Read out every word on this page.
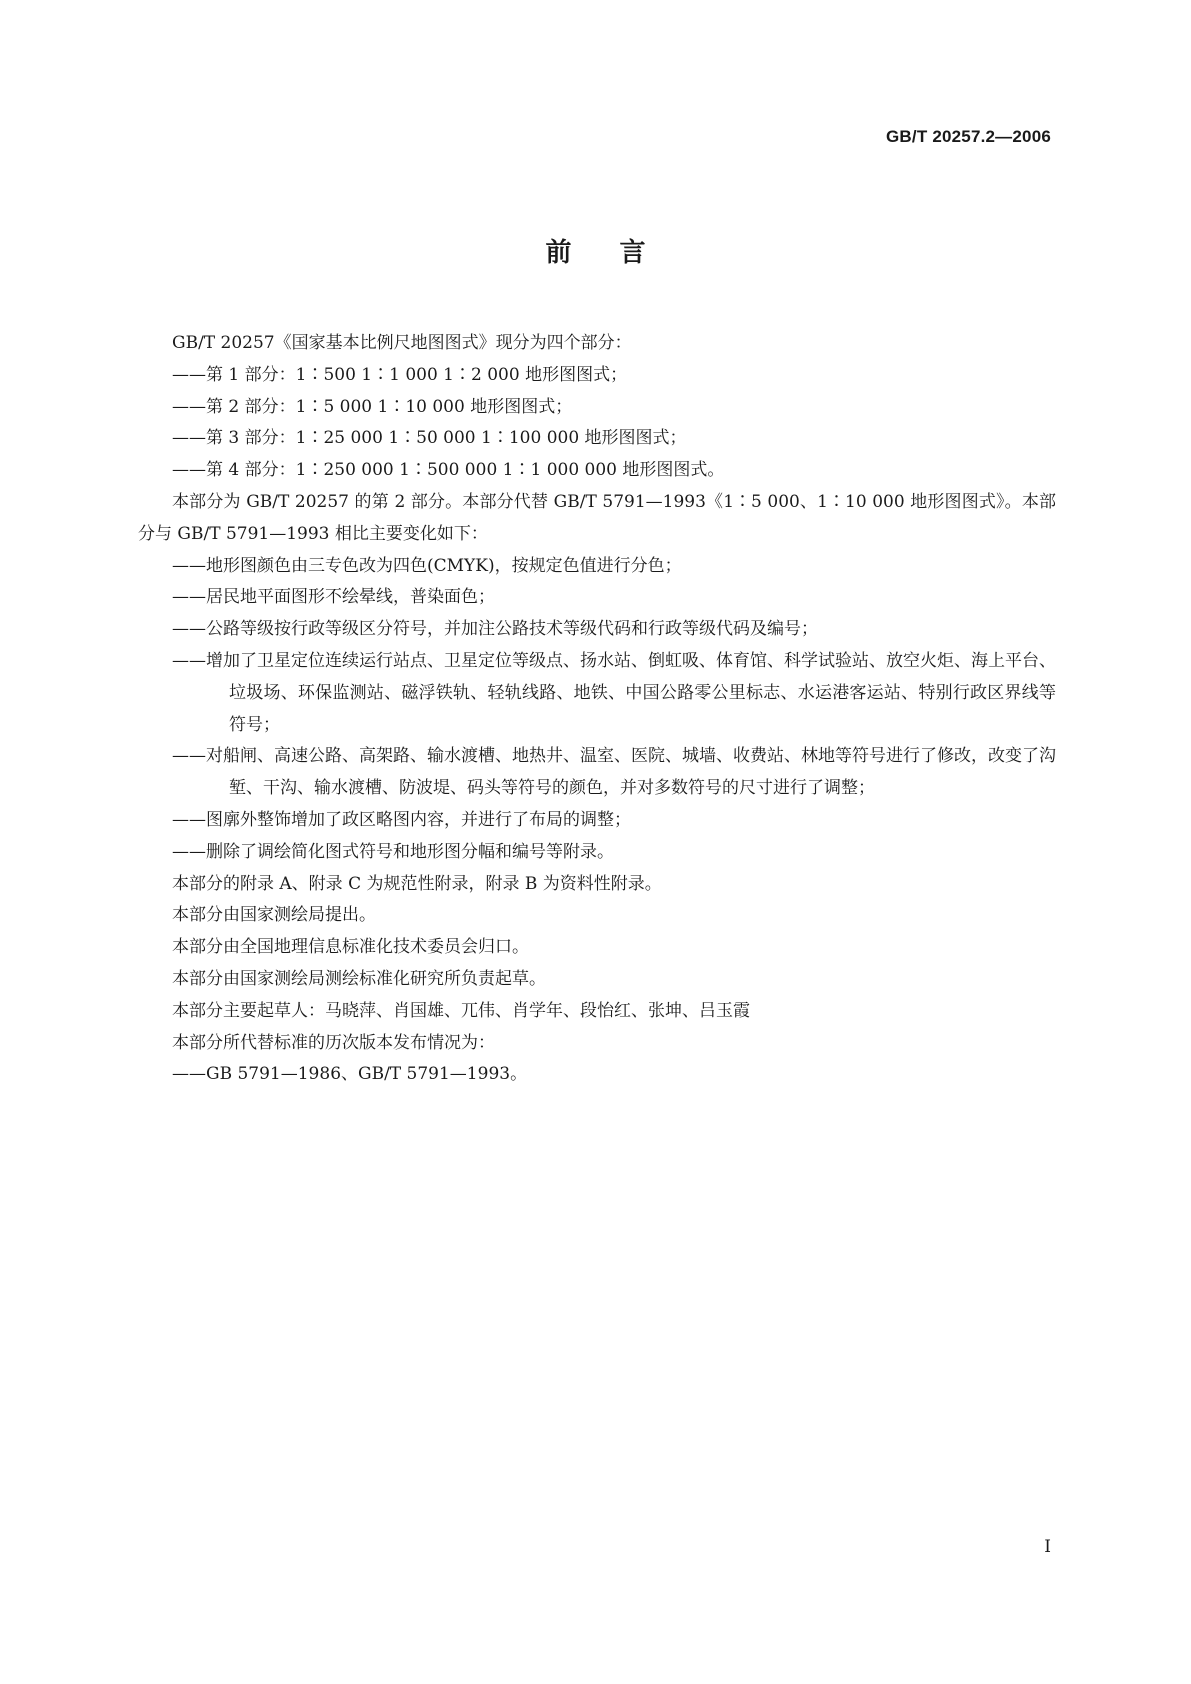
GB/T 20257.2—2006
前言

GB/T 20257《国家基本比例尺地图图式》现分为四个部分：

——第 1 部分：1∶500 1∶1 000 1∶2 000 地形图图式；

——第 2 部分：1∶5 000 1∶10 000 地形图图式；

——第 3 部分：1∶25 000 1∶50 000 1∶100 000 地形图图式；

——第 4 部分：1∶250 000 1∶500 000 1∶1 000 000 地形图图式。

本部分为 GB/T 20257 的第 2 部分。本部分代替 GB/T 5791—1993《1∶5 000、1∶10 000 地形图图式》。本部分与 GB/T 5791—1993 相比主要变化如下：

——地形图颜色由三专色改为四色(CMYK)，按规定色值进行分色；

——居民地平面图形不绘晕线，普染面色；

——公路等级按行政等级区分符号，并加注公路技术等级代码和行政等级代码及编号；

——增加了卫星定位连续运行站点、卫星定位等级点、扬水站、倒虹吸、体育馆、科学试验站、放空火炬、海上平台、垃圾场、环保监测站、磁浮铁轨、轻轨线路、地铁、中国公路零公里标志、水运港客运站、特别行政区界线等符号；

——对船闸、高速公路、高架路、输水渡槽、地热井、温室、医院、城墙、收费站、林地等符号进行了修改，改变了沟堑、干沟、输水渡槽、防波堤、码头等符号的颜色，并对多数符号的尺寸进行了调整；

——图廓外整饰增加了政区略图内容，并进行了布局的调整；

——删除了调绘简化图式符号和地形图分幅和编号等附录。

本部分的附录 A、附录 C 为规范性附录，附录 B 为资料性附录。

本部分由国家测绘局提出。

本部分由全国地理信息标准化技术委员会归口。

本部分由国家测绘局测绘标准化研究所负责起草。

本部分主要起草人：马晓萍、肖国雄、兀伟、肖学年、段怡红、张坤、吕玉霞

本部分所代替标准的历次版本发布情况为：

——GB 5791—1986、GB/T 5791—1993。

I
